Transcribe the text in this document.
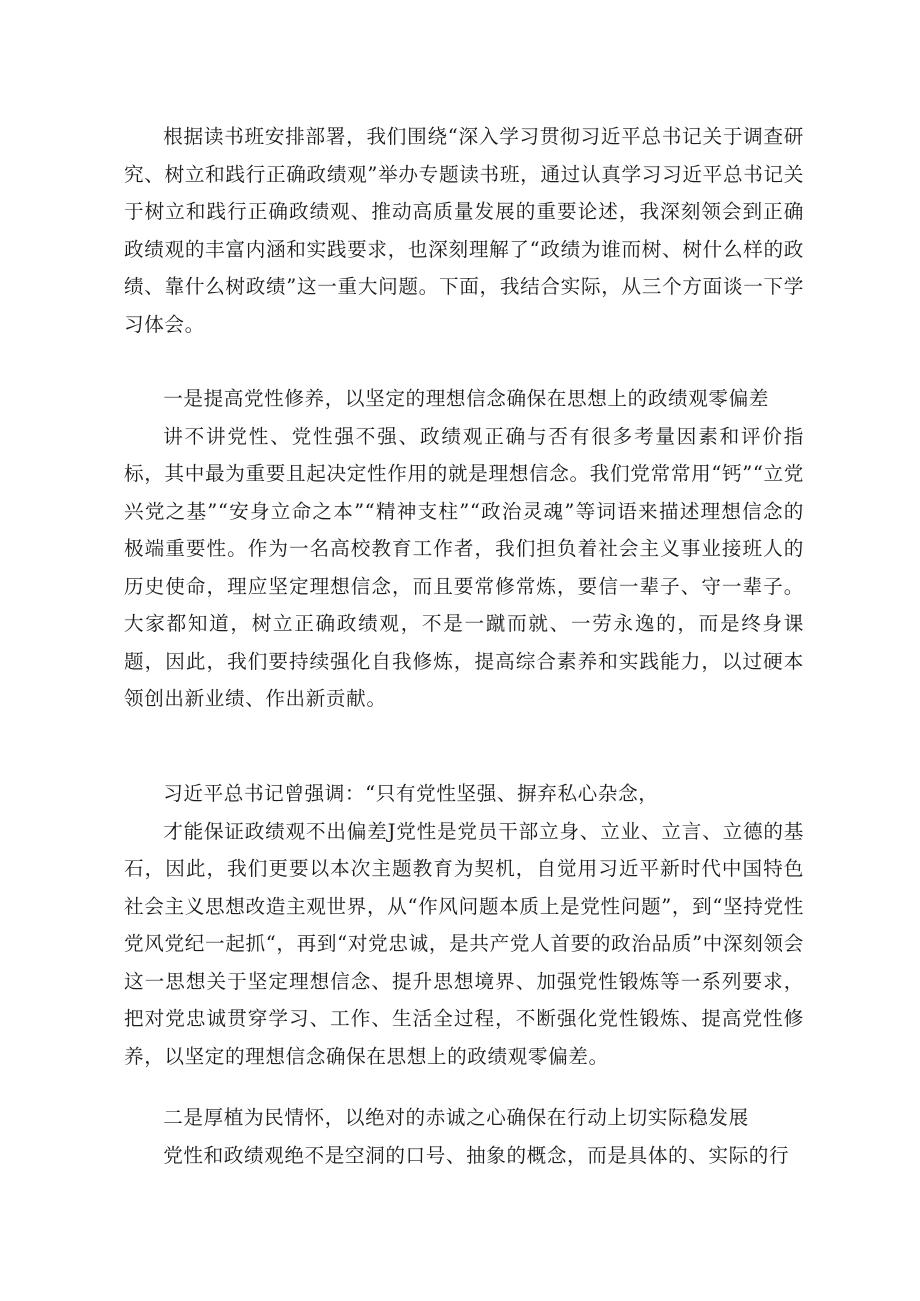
根据读书班安排部署，我们围绕“深入学习贯彻习近平总书记关于调查研究、树立和践行正确政绩观”举办专题读书班，通过认真学习习近平总书记关于树立和践行正确政绩观、推动高质量发展的重要论述，我深刻领会到正确政绩观的丰富内涵和实践要求，也深刻理解了“政绩为谁而树、树什么样的政绩、靠什么树政绩”这一重大问题。下面，我结合实际，从三个方面谈一下学习体会。

一是提高党性修养，以坚定的理想信念确保在思想上的政绩观零偏差

讲不讲党性、党性强不强、政绩观正确与否有很多考量因素和评价指标，其中最为重要且起决定性作用的就是理想信念。我们党常常用“钙”“立党兴党之基”“安身立命之本”“精神支柱”“政治灵魂”等词语来描述理想信念的极端重要性。作为一名高校教育工作者，我们担负着社会主义事业接班人的历史使命，理应坚定理想信念，而且要常修常炼，要信一辈子、守一辈子。大家都知道，树立正确政绩观，不是一蹴而就、一劳永逸的，而是终身课题，因此，我们要持续强化自我修炼，提高综合素养和实践能力，以过硬本领创出新业绩、作出新贡献。

习近平总书记曾强调：“只有党性坚强、摒弃私心杂念，

才能保证政绩观不出偏差J党性是党员干部立身、立业、立言、立德的基石，因此，我们更要以本次主题教育为契机，自觉用习近平新时代中国特色社会主义思想改造主观世界，从“作风问题本质上是党性问题”，到“坚持党性党风党纪一起抓“，再到“对党忠诚，是共产党人首要的政治品质”中深刻领会这一思想关于坚定理想信念、提升思想境界、加强党性锻炼等一系列要求，把对党忠诚贯穿学习、工作、生活全过程，不断强化党性锻炼、提高党性修养，以坚定的理想信念确保在思想上的政绩观零偏差。

二是厚植为民情怀，以绝对的赤诚之心确保在行动上切实际稳发展

党性和政绩观绝不是空洞的口号、抽象的概念，而是具体的、实际的行
